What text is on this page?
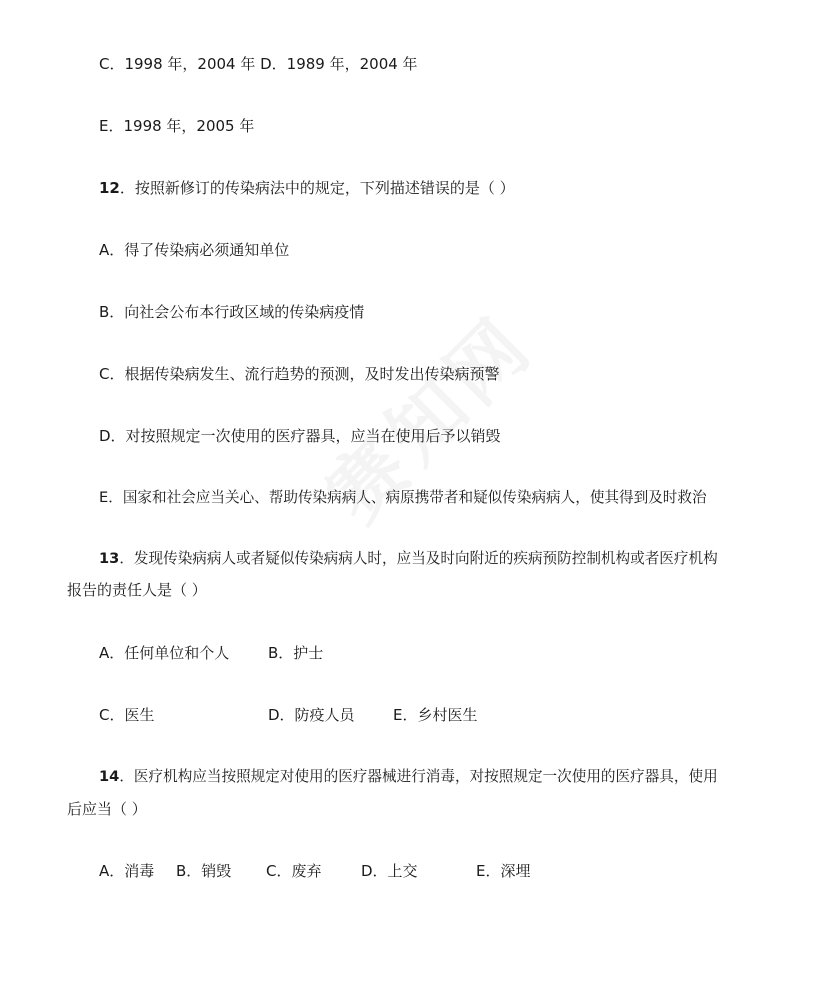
C．1998 年，2004 年 D．1989 年，2004 年
E．1998 年，2005 年
12．按照新修订的传染病法中的规定，下列描述错误的是（ ）
A．得了传染病必须通知单位
B．向社会公布本行政区域的传染病疫情
C．根据传染病发生、流行趋势的预测，及时发出传染病预警
D．对按照规定一次使用的医疗器具，应当在使用后予以销毁
E．国家和社会应当关心、帮助传染病病人、病原携带者和疑似传染病病人，使其得到及时救治
13．发现传染病病人或者疑似传染病病人时，应当及时向附近的疾病预防控制机构或者医疗机构
报告的责任人是（ ）
A．任何单位和个人	B．护士
C．医生	D．防疫人员	E．乡村医生
14．医疗机构应当按照规定对使用的医疗器械进行消毒，对按照规定一次使用的医疗器具，使用
后应当（ ）
A．消毒 B．销毁 C．废弃	D．上交	E．深埋
